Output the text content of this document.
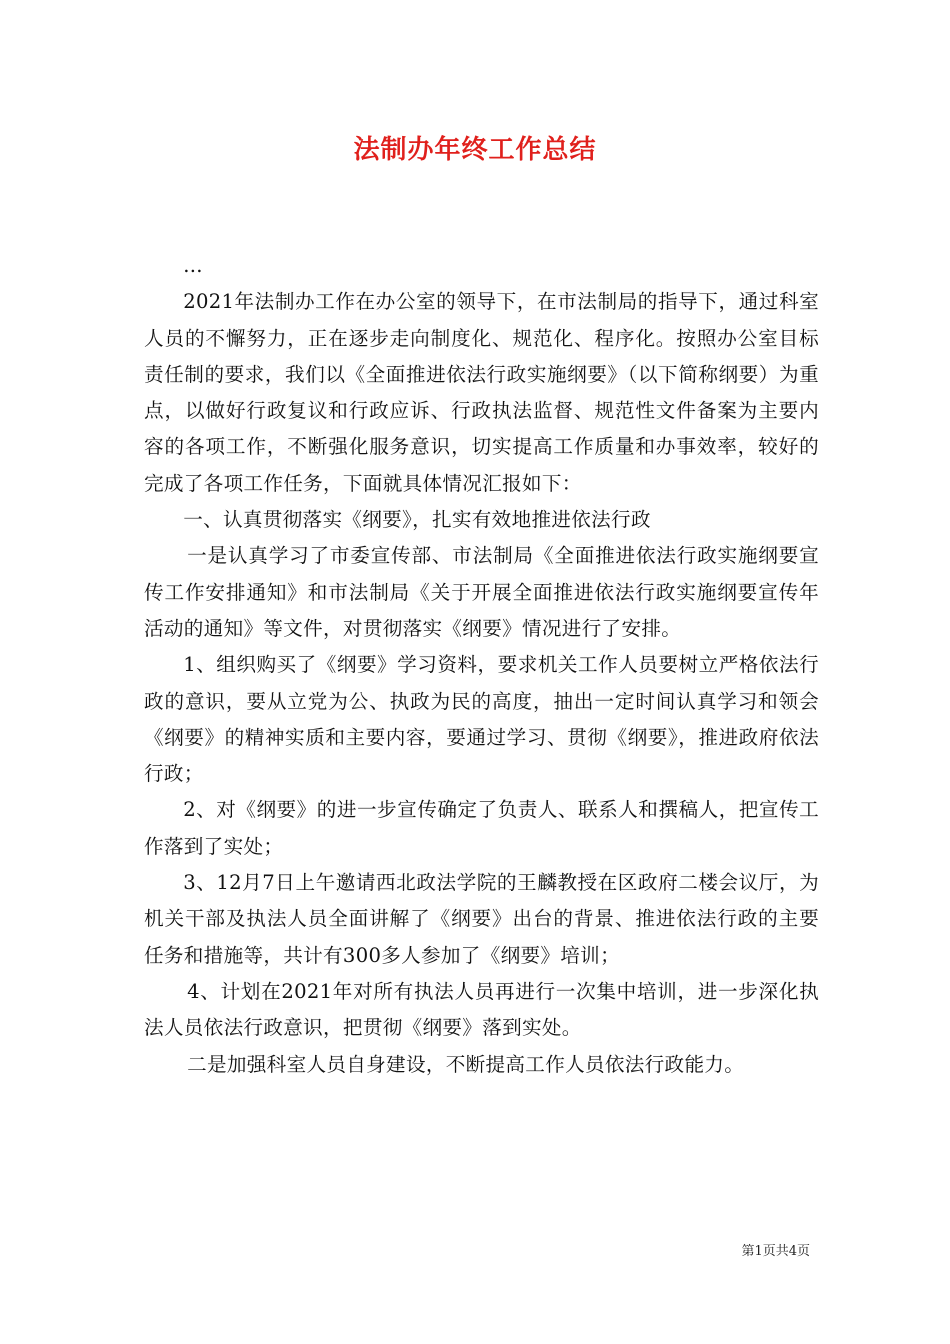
法制办年终工作总结

...

2021年法制办工作在办公室的领导下，在市法制局的指导下，通过科室人员的不懈努力，正在逐步走向制度化、规范化、程序化。按照办公室目标责任制的要求，我们以《全面推进依法行政实施纲要》（以下简称纲要）为重点，以做好行政复议和行政应诉、行政执法监督、规范性文件备案为主要内容的各项工作，不断强化服务意识，切实提高工作质量和办事效率，较好的完成了各项工作任务，下面就具体情况汇报如下：

一、认真贯彻落实《纲要》，扎实有效地推进依法行政

一是认真学习了市委宣传部、市法制局《全面推进依法行政实施纲要宣传工作安排通知》和市法制局《关于开展全面推进依法行政实施纲要宣传年活动的通知》等文件，对贯彻落实《纲要》情况进行了安排。

1、组织购买了《纲要》学习资料，要求机关工作人员要树立严格依法行政的意识，要从立党为公、执政为民的高度，抽出一定时间认真学习和领会《纲要》的精神实质和主要内容，要通过学习、贯彻《纲要》，推进政府依法行政；

2、对《纲要》的进一步宣传确定了负责人、联系人和撰稿人，把宣传工作落到了实处；

3、12月7日上午邀请西北政法学院的王麟教授在区政府二楼会议厅，为机关干部及执法人员全面讲解了《纲要》出台的背景、推进依法行政的主要任务和措施等，共计有300多人参加了《纲要》培训；

4、计划在2021年对所有执法人员再进行一次集中培训，进一步深化执法人员依法行政意识，把贯彻《纲要》落到实处。

二是加强科室人员自身建设，不断提高工作人员依法行政能力。

第1页共4页
